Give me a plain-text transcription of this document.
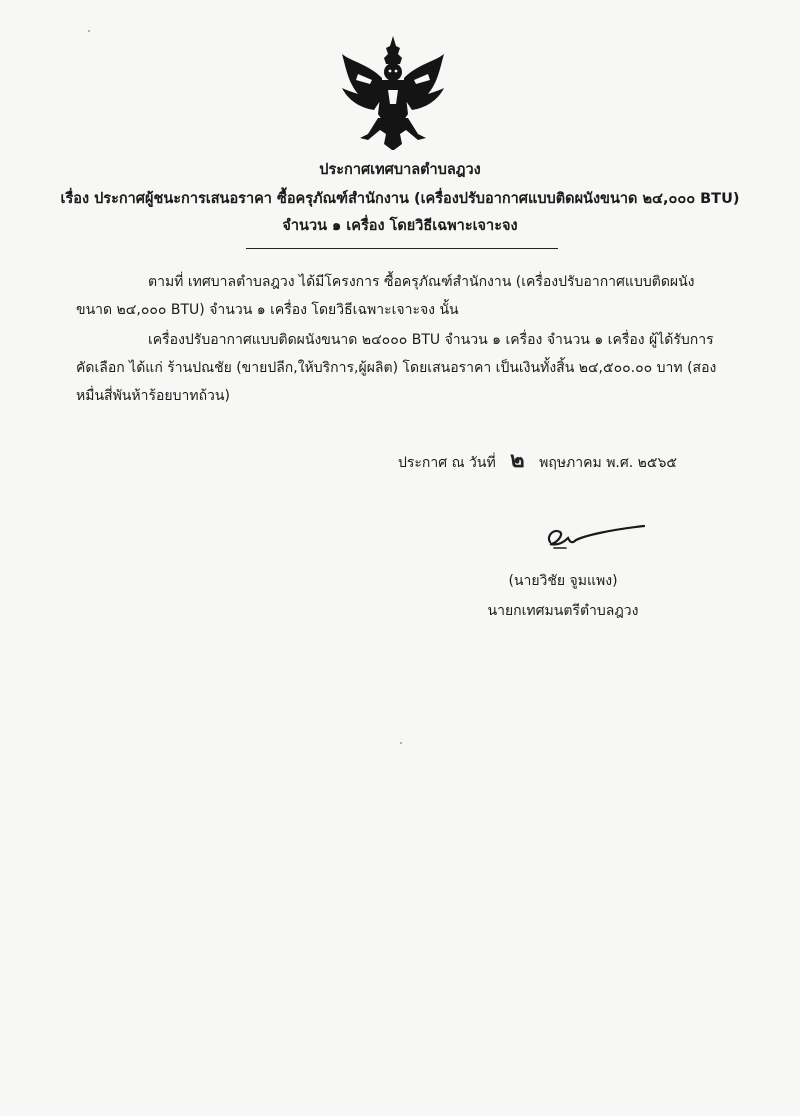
ประกาศเทศบาลตำบลฎวง
เรื่อง ประกาศผู้ชนะการเสนอราคา ซื้อครุภัณฑ์สำนักงาน (เครื่องปรับอากาศแบบติดผนังขนาด ๒๔,๐๐๐ BTU)
จำนวน ๑ เครื่อง โดยวิธีเฉพาะเจาะจง
ตามที่ เทศบาลตำบลฎวง ได้มีโครงการ ซื้อครุภัณฑ์สำนักงาน (เครื่องปรับอากาศแบบติดผนังขนาด ๒๔,๐๐๐ BTU) จำนวน ๑ เครื่อง โดยวิธีเฉพาะเจาะจง นั้น
เครื่องปรับอากาศแบบติดผนังขนาด ๒๔๐๐๐ BTU จำนวน ๑ เครื่อง จำนวน ๑ เครื่อง ผู้ได้รับการคัดเลือก ได้แก่ ร้านปณชัย (ขายปลีก,ให้บริการ,ผู้ผลิต) โดยเสนอราคา เป็นเงินทั้งสิ้น ๒๔,๕๐๐.๐๐ บาท (สองหมื่นสี่พันห้าร้อยบาทถ้วน)
ประกาศ ณ วันที่ ๒ พฤษภาคม พ.ศ. ๒๕๖๕
(นายวิชัย จูมแพง)
นายกเทศมนตรีตำบลฎวง
